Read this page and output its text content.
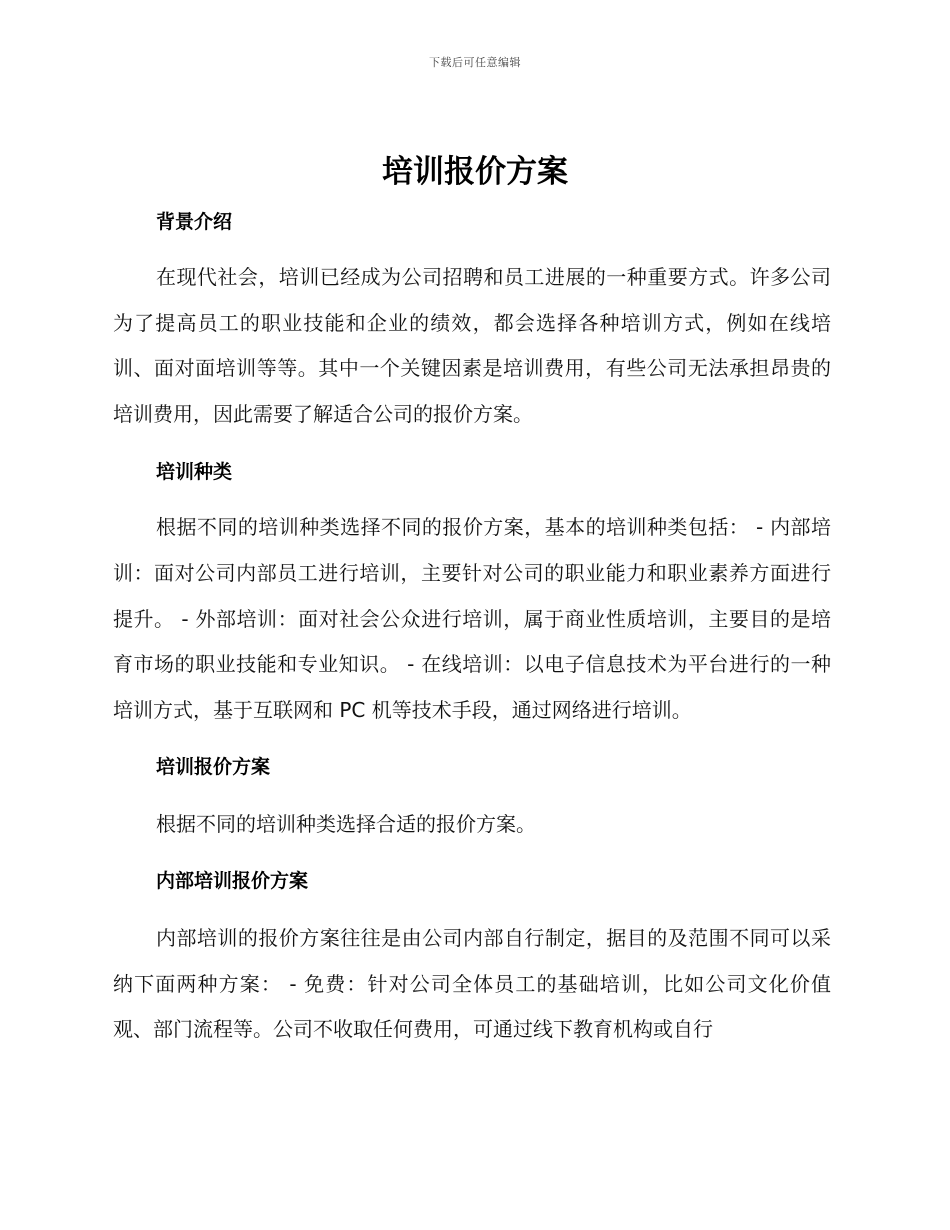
下载后可任意编辑
培训报价方案
背景介绍

在现代社会，培训已经成为公司招聘和员工进展的一种重要方式。许多公司为了提高员工的职业技能和企业的绩效，都会选择各种培训方式，例如在线培训、面对面培训等等。其中一个关键因素是培训费用，有些公司无法承担昂贵的培训费用，因此需要了解适合公司的报价方案。

培训种类

根据不同的培训种类选择不同的报价方案，基本的培训种类包括： - 内部培训：面对公司内部员工进行培训，主要针对公司的职业能力和职业素养方面进行提升。 - 外部培训：面对社会公众进行培训，属于商业性质培训，主要目的是培育市场的职业技能和专业知识。 - 在线培训：以电子信息技术为平台进行的一种培训方式，基于互联网和 PC 机等技术手段，通过网络进行培训。

培训报价方案

根据不同的培训种类选择合适的报价方案。

内部培训报价方案

内部培训的报价方案往往是由公司内部自行制定，据目的及范围不同可以采纳下面两种方案： - 免费：针对公司全体员工的基础培训，比如公司文化价值观、部门流程等。公司不收取任何费用，可通过线下教育机构或自行
